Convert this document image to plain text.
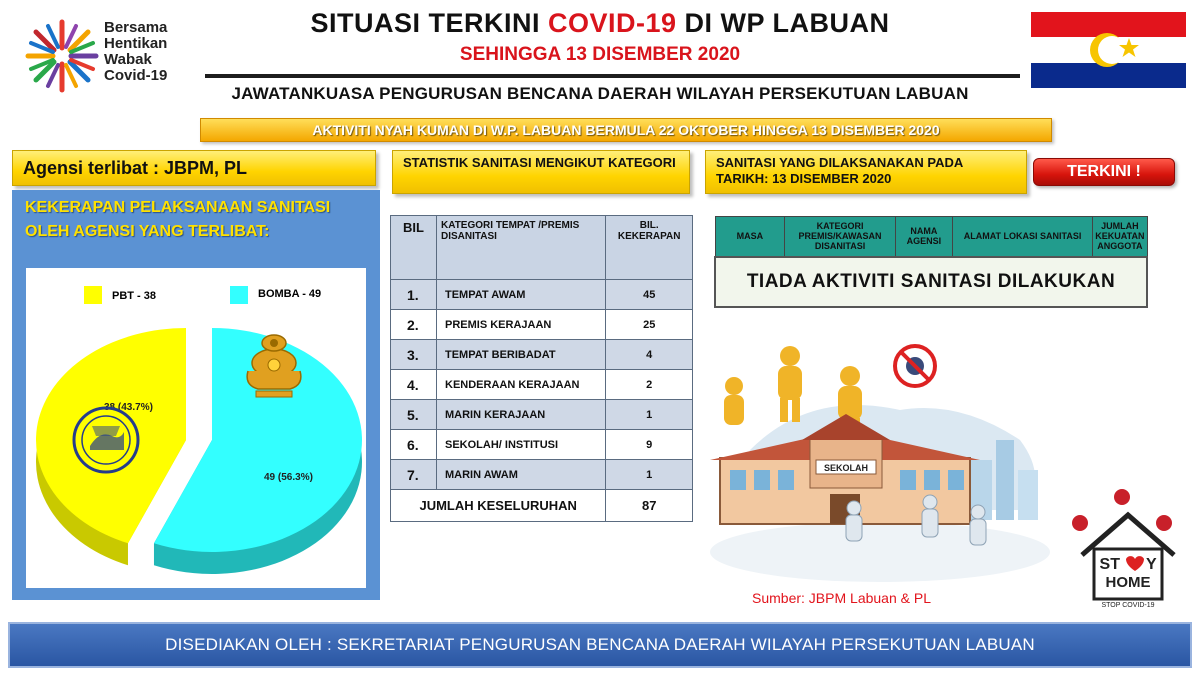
Bersama
Hentikan
Wabak
Covid-19
SITUASI TERKINI COVID-19 DI WP LABUAN
SEHINGGA 13 DISEMBER 2020
JAWATANKUASA PENGURUSAN BENCANA DAERAH WILAYAH PERSEKUTUAN LABUAN
AKTIVITI NYAH KUMAN DI W.P. LABUAN BERMULA 22 OKTOBER HINGGA 13 DISEMBER 2020
Agensi terlibat : JBPM, PL	STATISTIK SANITASI MENGIKUT KATEGORI	SANITASI YANG DILAKSANAKAN PADA TARIKH: 13 DISEMBER 2020	TERKINI !
KEKERAPAN PELAKSANAAN SANITASI OLEH AGENSI YANG TERLIBAT:
PBT - 38	BOMBA - 49
49 (56.3%)
38 (43.7%)
BIL	KATEGORI TEMPAT /PREMIS DISANITASI	BIL. KEKERAPAN
1.	TEMPAT AWAM	45
2.	PREMIS KERAJAAN	25
3.	TEMPAT BERIBADAT	4
4.	KENDERAAN KERAJAAN	2
5.	MARIN KERAJAAN	1
6.	SEKOLAH/ INSTITUSI	9
7.	MARIN AWAM	1
JUMLAH KESELURUHAN		87
MASA	KATEGORI PREMIS/KAWASAN DISANITASI	NAMA AGENSI	ALAMAT LOKASI SANITASI	JUMLAH KEKUATAN ANGGOTA
TIADA AKTIVITI SANITASI DILAKUKAN
SEKOLAH
Sumber: JBPM Labuan & PL
ST Y
HOME
STOP COVID-19
DISEDIAKAN OLEH : SEKRETARIAT PENGURUSAN BENCANA DAERAH WILAYAH PERSEKUTUAN LABUAN
